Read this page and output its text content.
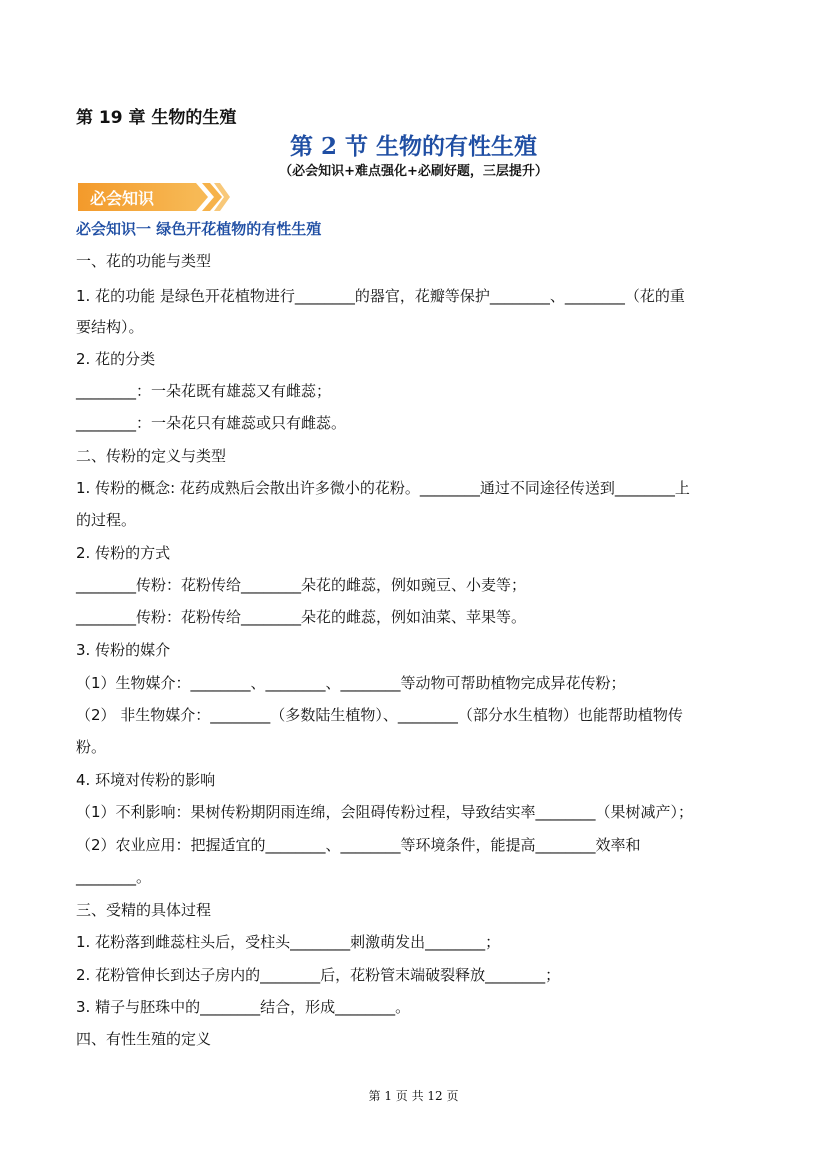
第 19 章 生物的生殖
第 2 节 生物的有性生殖
（必会知识+难点强化+必刷好题，三层提升）
必会知识
必会知识一 绿色开花植物的有性生殖
一、花的功能与类型
1. 花的功能 是绿色开花植物进行________的器官，花瓣等保护________、________（花的重
要结构）。
2. 花的分类
________：一朵花既有雄蕊又有雌蕊；
________：一朵花只有雄蕊或只有雌蕊。
二、传粉的定义与类型
1. 传粉的概念: 花药成熟后会散出许多微小的花粉。________通过不同途径传送到________上
的过程。
2. 传粉的方式
________传粉：花粉传给________朵花的雌蕊，例如豌豆、小麦等；
________传粉：花粉传给________朵花的雌蕊，例如油菜、苹果等。
3. 传粉的媒介
（1）生物媒介：________、________、________等动物可帮助植物完成异花传粉；
（2） 非生物媒介：________（多数陆生植物）、________（部分水生植物）也能帮助植物传
粉。
4. 环境对传粉的影响
（1）不利影响：果树传粉期阴雨连绵，会阻碍传粉过程，导致结实率________（果树减产）；
（2）农业应用：把握适宜的________、________等环境条件，能提高________效率和
________。
三、受精的具体过程
1. 花粉落到雌蕊柱头后，受柱头________刺激萌发出________；
2. 花粉管伸长到达子房内的________后，花粉管末端破裂释放________；
3. 精子与胚珠中的________结合，形成________。
四、有性生殖的定义
第 1 页 共 12 页
